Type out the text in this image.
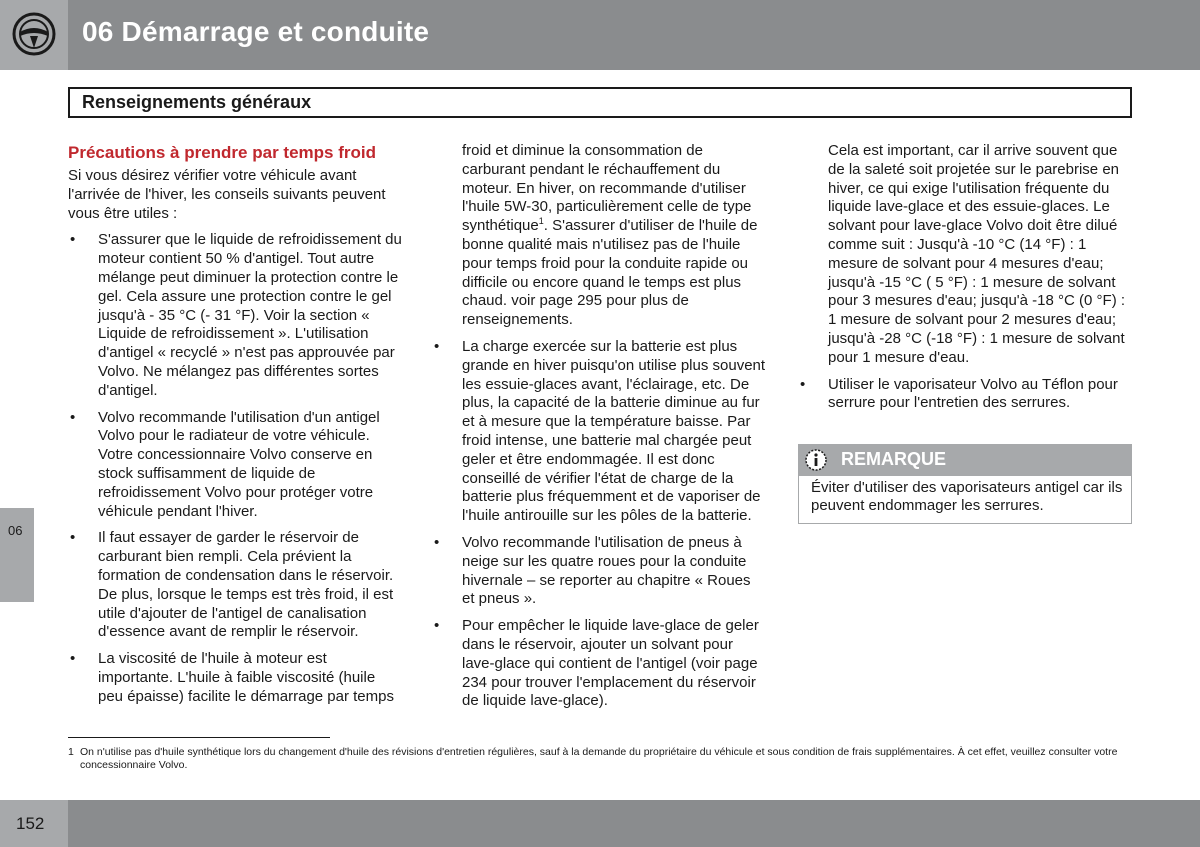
06 Démarrage et conduite
Renseignements généraux
Précautions à prendre par temps froid

Si vous désirez vérifier votre véhicule avant l'arrivée de l'hiver, les conseils suivants peuvent vous être utiles :

• S'assurer que le liquide de refroidissement du moteur contient 50 % d'antigel. Tout autre mélange peut diminuer la protection contre le gel. Cela assure une protection contre le gel jusqu'à - 35 °C (- 31 °F). Voir la section « Liquide de refroidissement ». L'utilisation d'antigel « recyclé » n'est pas approuvée par Volvo. Ne mélangez pas différentes sortes d'antigel.
• Volvo recommande l'utilisation d'un antigel Volvo pour le radiateur de votre véhicule. Votre concessionnaire Volvo conserve en stock suffisamment de liquide de refroidissement Volvo pour protéger votre véhicule pendant l'hiver.
• Il faut essayer de garder le réservoir de carburant bien rempli. Cela prévient la formation de condensation dans le réservoir. De plus, lorsque le temps est très froid, il est utile d'ajouter de l'antigel de canalisation d'essence avant de remplir le réservoir.
• La viscosité de l'huile à moteur est importante. L'huile à faible viscosité (huile peu épaisse) facilite le démarrage par temps

froid et diminue la consommation de carburant pendant le réchauffement du moteur. En hiver, on recommande d'utiliser l'huile 5W-30, particulièrement celle de type synthétique$^1$. S'assurer d'utiliser de l'huile de bonne qualité mais n'utilisez pas de l'huile pour temps froid pour la conduite rapide ou difficile ou encore quand le temps est plus chaud. voir page 295 pour plus de renseignements.

• La charge exercée sur la batterie est plus grande en hiver puisqu'on utilise plus souvent les essuie-glaces avant, l'éclairage, etc. De plus, la capacité de la batterie diminue au fur et à mesure que la température baisse. Par froid intense, une batterie mal chargée peut geler et être endommagée. Il est donc conseillé de vérifier l'état de charge de la batterie plus fréquemment et de vaporiser de l'huile antirouille sur les pôles de la batterie.
• Volvo recommande l'utilisation de pneus à neige sur les quatre roues pour la conduite hivernale – se reporter au chapitre « Roues et pneus ».
• Pour empêcher le liquide lave-glace de geler dans le réservoir, ajouter un solvant pour lave-glace qui contient de l'antigel (voir page 234 pour trouver l'emplacement du réservoir de liquide lave-glace).

Cela est important, car il arrive souvent que de la saleté soit projetée sur le parebrise en hiver, ce qui exige l'utilisation fréquente du liquide lave-glace et des essuie-glaces. Le solvant pour lave-glace Volvo doit être dilué comme suit : Jusqu'à -10 °C (14 °F) : 1 mesure de solvant pour 4 mesures d'eau; jusqu'à -15 °C ( 5 °F) : 1 mesure de solvant pour 3 mesures d'eau; jusqu'à -18 °C (0 °F) : 1 mesure de solvant pour 2 mesures d'eau; jusqu'à -28 °C (-18 °F) : 1 mesure de solvant pour 1 mesure d'eau.

• Utiliser le vaporisateur Volvo au Téflon pour serrure pour l'entretien des serrures.
REMARQUE
Éviter d'utiliser des vaporisateurs antigel car ils peuvent endommager les serrures.
06
1 On n'utilise pas d'huile synthétique lors du changement d'huile des révisions d'entretien régulières, sauf à la demande du propriétaire du véhicule et sous condition de frais supplémentaires. À cet effet, veuillez consulter votre concessionnaire Volvo.
152
